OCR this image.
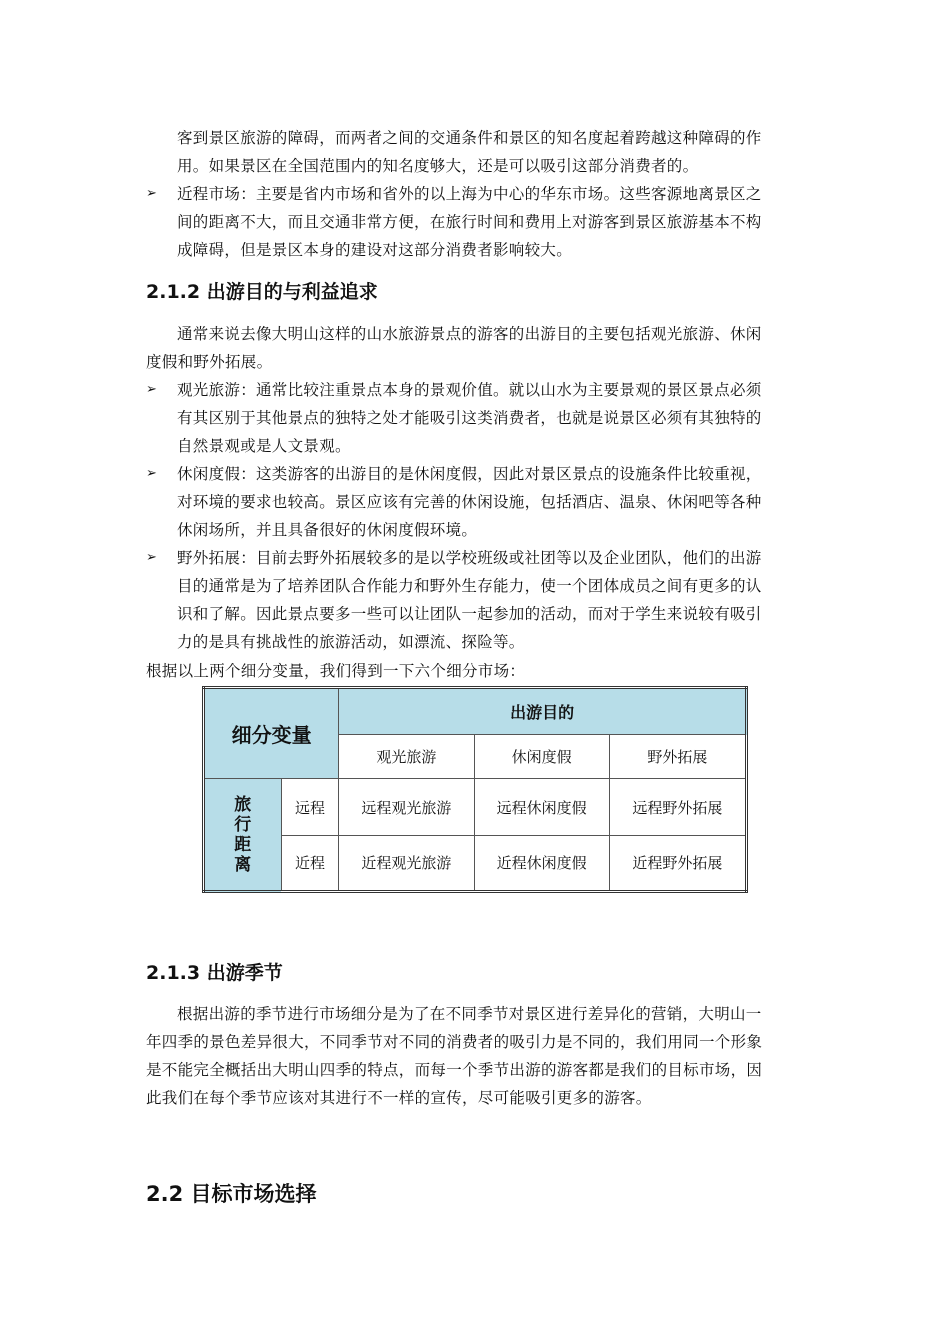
客到景区旅游的障碍，而两者之间的交通条件和景区的知名度起着跨越这种障碍的作

用。如果景区在全国范围内的知名度够大，还是可以吸引这部分消费者的。

➢ 近程市场：主要是省内市场和省外的以上海为中心的华东市场。这些客源地离景区之

间的距离不大，而且交通非常方便，在旅行时间和费用上对游客到景区旅游基本不构

成障碍，但是景区本身的建设对这部分消费者影响较大。

2.1.2 出游目的与利益追求

通常来说去像大明山这样的山水旅游景点的游客的出游目的主要包括观光旅游、休闲

度假和野外拓展。

➢ 观光旅游：通常比较注重景点本身的景观价值。就以山水为主要景观的景区景点必须

有其区别于其他景点的独特之处才能吸引这类消费者，也就是说景区必须有其独特的

自然景观或是人文景观。

➢ 休闲度假：这类游客的出游目的是休闲度假，因此对景区景点的设施条件比较重视，

对环境的要求也较高。景区应该有完善的休闲设施，包括酒店、温泉、休闲吧等各种

休闲场所，并且具备很好的休闲度假环境。

➢ 野外拓展：目前去野外拓展较多的是以学校班级或社团等以及企业团队，他们的出游

目的通常是为了培养团队合作能力和野外生存能力，使一个团体成员之间有更多的认

识和了解。因此景点要多一些可以让团队一起参加的活动，而对于学生来说较有吸引

力的是具有挑战性的旅游活动，如漂流、探险等。

根据以上两个细分变量，我们得到一下六个细分市场：

细分变量		出游目的		
		观光旅游	休闲度假	野外拓展

旅
行
距
离	远程	远程观光旅游	远程休闲度假	远程野外拓展
	近程	近程观光旅游	近程休闲度假	近程野外拓展
2.1.3 出游季节

根据出游的季节进行市场细分是为了在不同季节对景区进行差异化的营销，大明山一

年四季的景色差异很大，不同季节对不同的消费者的吸引力是不同的，我们用同一个形象

是不能完全概括出大明山四季的特点，而每一个季节出游的游客都是我们的目标市场，因

此我们在每个季节应该对其进行不一样的宣传，尽可能吸引更多的游客。

2.2 目标市场选择
